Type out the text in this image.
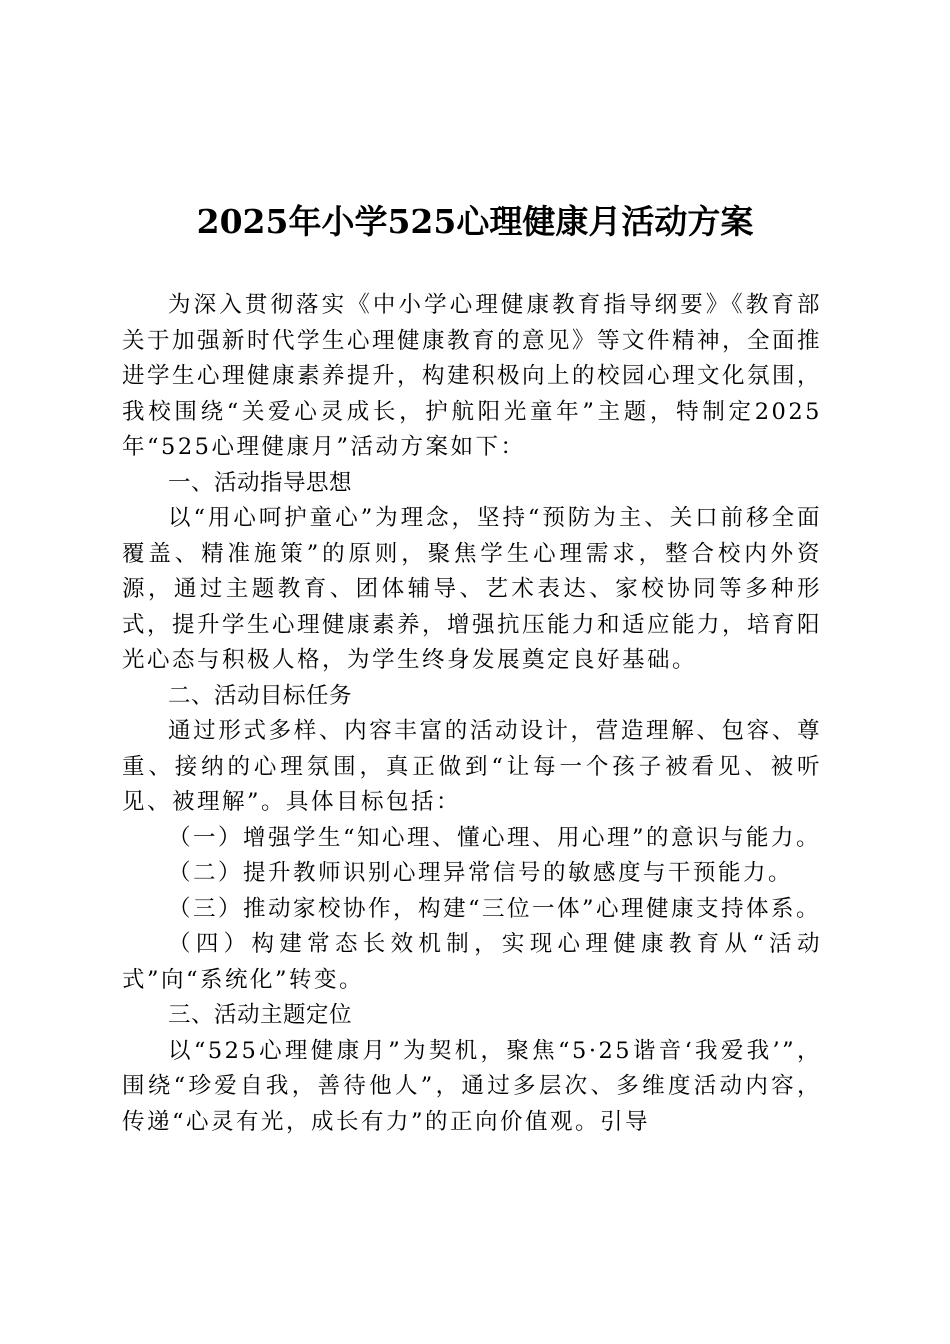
2025年小学525心理健康月活动方案

为深入贯彻落实《中小学心理健康教育指导纲要》《教育部关于加强新时代学生心理健康教育的意见》等文件精神，全面推进学生心理健康素养提升，构建积极向上的校园心理文化氛围，我校围绕“关爱心灵成长，护航阳光童年”主题，特制定2025年“525心理健康月”活动方案如下：

一、活动指导思想

以“用心呵护童心”为理念，坚持“预防为主、关口前移全面覆盖、精准施策”的原则，聚焦学生心理需求，整合校内外资源，通过主题教育、团体辅导、艺术表达、家校协同等多种形式，提升学生心理健康素养，增强抗压能力和适应能力，培育阳光心态与积极人格，为学生终身发展奠定良好基础。

二、活动目标任务

通过形式多样、内容丰富的活动设计，营造理解、包容、尊重、接纳的心理氛围，真正做到“让每一个孩子被看见、被听见、被理解”。具体目标包括：

（一）增强学生“知心理、懂心理、用心理”的意识与能力。

（二）提升教师识别心理异常信号的敏感度与干预能力。

（三）推动家校协作，构建“三位一体”心理健康支持体系。

（四）构建常态长效机制，实现心理健康教育从“活动式”向“系统化”转变。

三、活动主题定位

以“525心理健康月”为契机，聚焦“5·25谐音‘我爱我’”，围绕“珍爱自我，善待他人”，通过多层次、多维度活动内容，传递“心灵有光，成长有力”的正向价值观。引导
